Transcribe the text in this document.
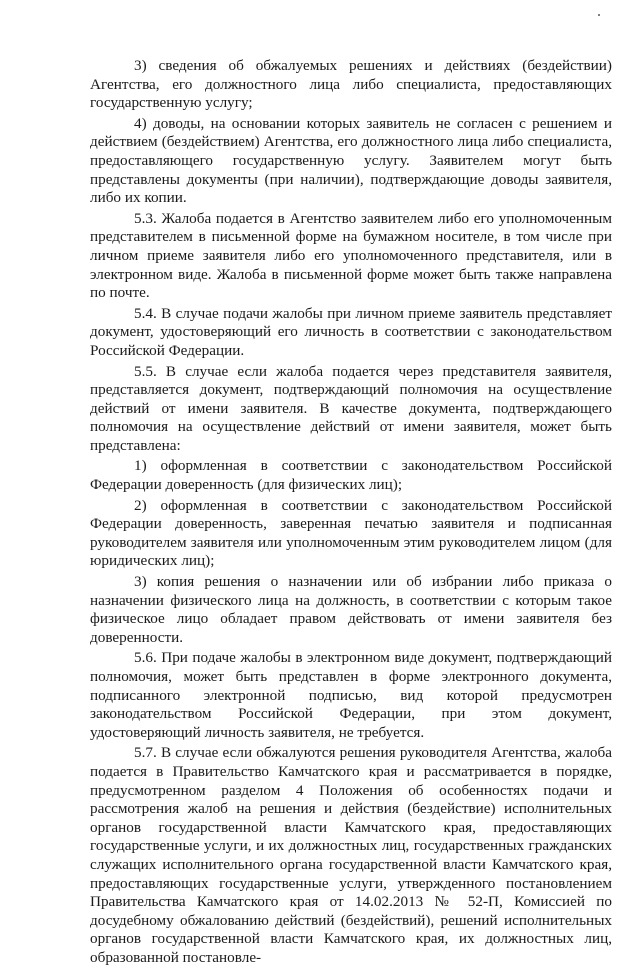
3) сведения об обжалуемых решениях и действиях (бездействии) Агентства, его должностного лица либо специалиста, предоставляющих государственную услугу;

4) доводы, на основании которых заявитель не согласен с решением и действием (бездействием) Агентства, его должностного лица либо специалиста, предоставляющего государственную услугу. Заявителем могут быть представлены документы (при наличии), подтверждающие доводы заявителя, либо их копии.

5.3. Жалоба подается в Агентство заявителем либо его уполномоченным представителем в письменной форме на бумажном носителе, в том числе при личном приеме заявителя либо его уполномоченного представителя, или в электронном виде. Жалоба в письменной форме может быть также направлена по почте.

5.4. В случае подачи жалобы при личном приеме заявитель представляет документ, удостоверяющий его личность в соответствии с законодательством Российской Федерации.

5.5. В случае если жалоба подается через представителя заявителя, представляется документ, подтверждающий полномочия на осуществление действий от имени заявителя. В качестве документа, подтверждающего полномочия на осуществление действий от имени заявителя, может быть представлена:

1) оформленная в соответствии с законодательством Российской Федерации доверенность (для физических лиц);

2) оформленная в соответствии с законодательством Российской Федерации доверенность, заверенная печатью заявителя и подписанная руководителем заявителя или уполномоченным этим руководителем лицом (для юридических лиц);

3) копия решения о назначении или об избрании либо приказа о назначении физического лица на должность, в соответствии с которым такое физическое лицо обладает правом действовать от имени заявителя без доверенности.

5.6. При подаче жалобы в электронном виде документ, подтверждающий полномочия, может быть представлен в форме электронного документа, подписанного электронной подписью, вид которой предусмотрен законодательством Российской Федерации, при этом документ, удостоверяющий личность заявителя, не требуется.

5.7. В случае если обжалуются решения руководителя Агентства, жалоба подается в Правительство Камчатского края и рассматривается в порядке, предусмотренном разделом 4 Положения об особенностях подачи и рассмотрения жалоб на решения и действия (бездействие) исполнительных органов государственной власти Камчатского края, предоставляющих государственные услуги, и их должностных лиц, государственных гражданских служащих исполнительного органа государственной власти Камчатского края, предоставляющих государственные услуги, утвержденного постановлением Правительства Камчатского края от 14.02.2013 № 52-П, Комиссией по досудебному обжалованию действий (бездействий), решений исполнительных органов государственной власти Камчатского края, их должностных лиц, образованной постановле-
